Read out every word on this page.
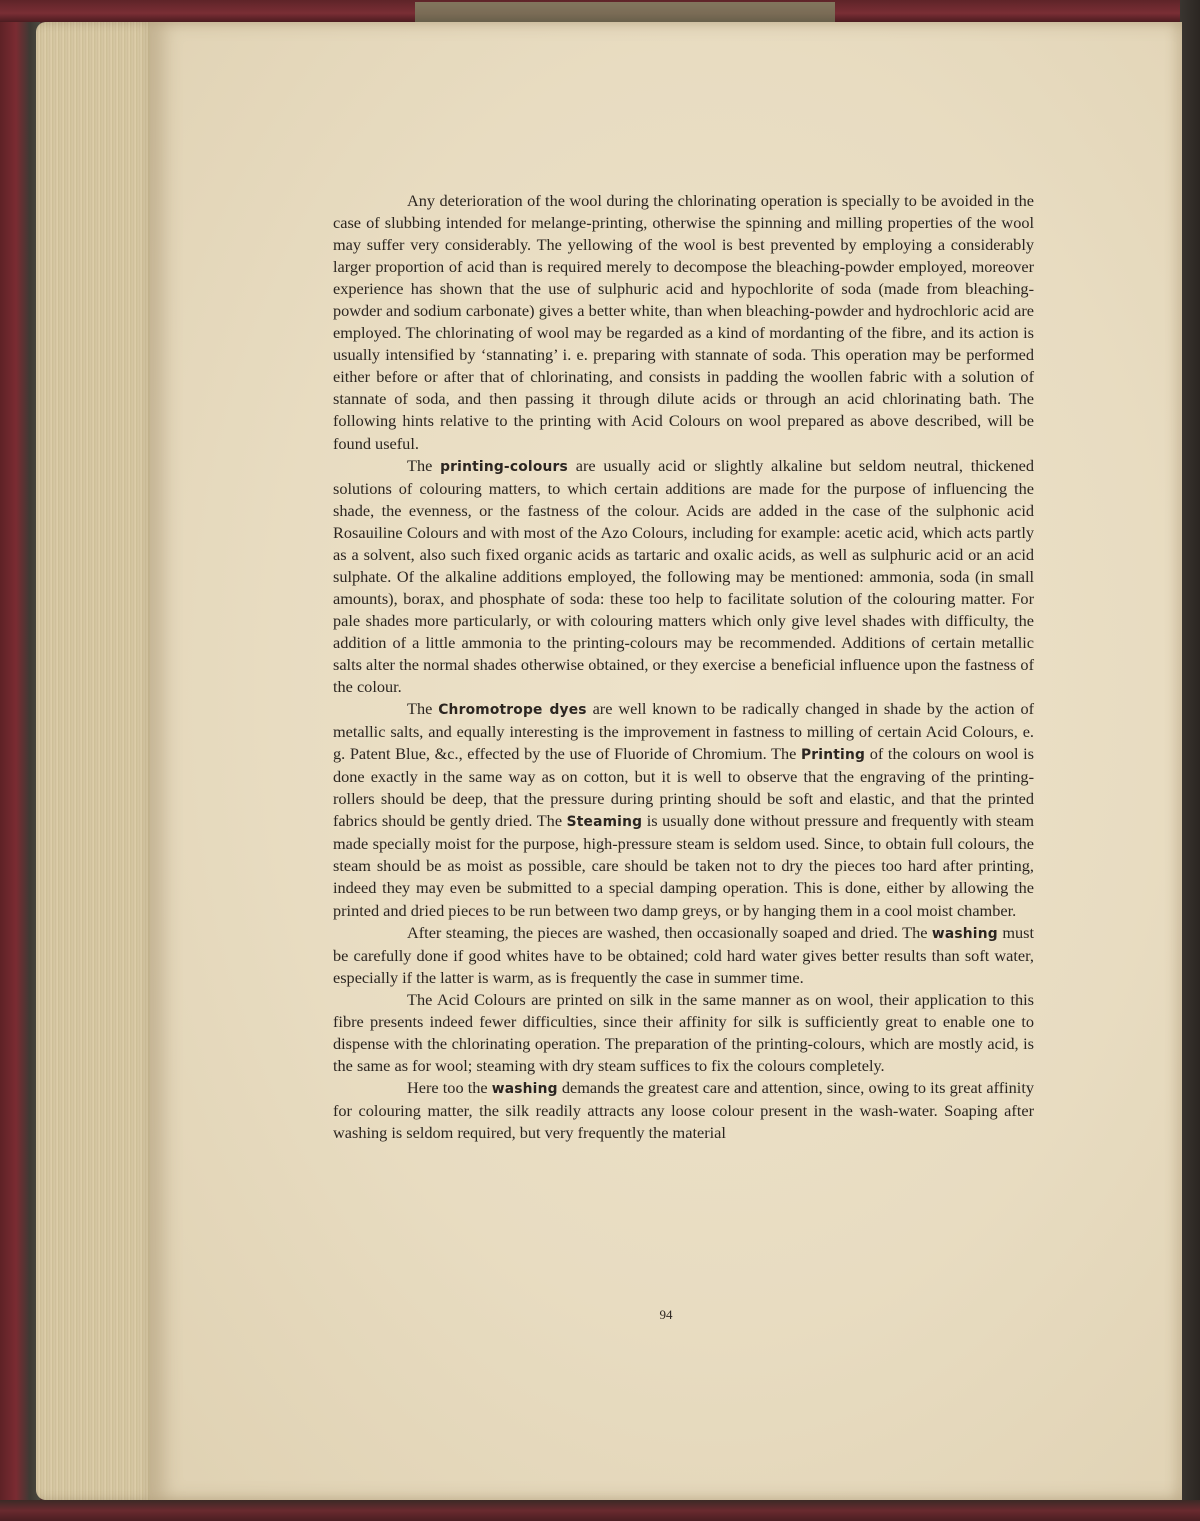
Any deterioration of the wool during the chlorinating operation is specially to be avoided in the case of slubbing intended for melange-printing, otherwise the spinning and milling properties of the wool may suffer very considerably. The yellowing of the wool is best prevented by employing a considerably larger proportion of acid than is required merely to decompose the bleaching-powder employed, moreover experience has shown that the use of sulphuric acid and hypochlorite of soda (made from bleaching-powder and sodium carbonate) gives a better white, than when bleaching-powder and hydrochloric acid are employed. The chlorinating of wool may be regarded as a kind of mordanting of the fibre, and its action is usually intensified by ‘stannating’ i. e. preparing with stannate of soda. This operation may be performed either before or after that of chlorinating, and consists in padding the woollen fabric with a solution of stannate of soda, and then passing it through dilute acids or through an acid chlorinating bath. The following hints relative to the printing with Acid Colours on wool prepared as above described, will be found useful.

The printing-colours are usually acid or slightly alkaline but seldom neutral, thickened solutions of colouring matters, to which certain additions are made for the purpose of influencing the shade, the evenness, or the fastness of the colour. Acids are added in the case of the sulphonic acid Rosauiline Colours and with most of the Azo Colours, including for example: acetic acid, which acts partly as a solvent, also such fixed organic acids as tartaric and oxalic acids, as well as sulphuric acid or an acid sulphate. Of the alkaline additions employed, the following may be mentioned: ammonia, soda (in small amounts), borax, and phosphate of soda: these too help to facilitate solution of the colouring matter. For pale shades more particularly, or with colouring matters which only give level shades with difficulty, the addition of a little ammonia to the printing-colours may be recommended. Additions of certain metallic salts alter the normal shades otherwise obtained, or they exercise a beneficial influence upon the fastness of the colour.

The Chromotrope dyes are well known to be radically changed in shade by the action of metallic salts, and equally interesting is the improvement in fastness to milling of certain Acid Colours, e. g. Patent Blue, &c., effected by the use of Fluoride of Chromium. The Printing of the colours on wool is done exactly in the same way as on cotton, but it is well to observe that the engraving of the printing-rollers should be deep, that the pressure during printing should be soft and elastic, and that the printed fabrics should be gently dried. The Steaming is usually done without pressure and frequently with steam made specially moist for the purpose, high-pressure steam is seldom used. Since, to obtain full colours, the steam should be as moist as possible, care should be taken not to dry the pieces too hard after printing, indeed they may even be submitted to a special damping operation. This is done, either by allowing the printed and dried pieces to be run between two damp greys, or by hanging them in a cool moist chamber.

After steaming, the pieces are washed, then occasionally soaped and dried. The washing must be carefully done if good whites have to be obtained; cold hard water gives better results than soft water, especially if the latter is warm, as is frequently the case in summer time.

The Acid Colours are printed on silk in the same manner as on wool, their application to this fibre presents indeed fewer difficulties, since their affinity for silk is sufficiently great to enable one to dispense with the chlorinating operation. The preparation of the printing-colours, which are mostly acid, is the same as for wool; steaming with dry steam suffices to fix the colours completely.

Here too the washing demands the greatest care and attention, since, owing to its great affinity for colouring matter, the silk readily attracts any loose colour present in the wash-water. Soaping after washing is seldom required, but very frequently the material

94
